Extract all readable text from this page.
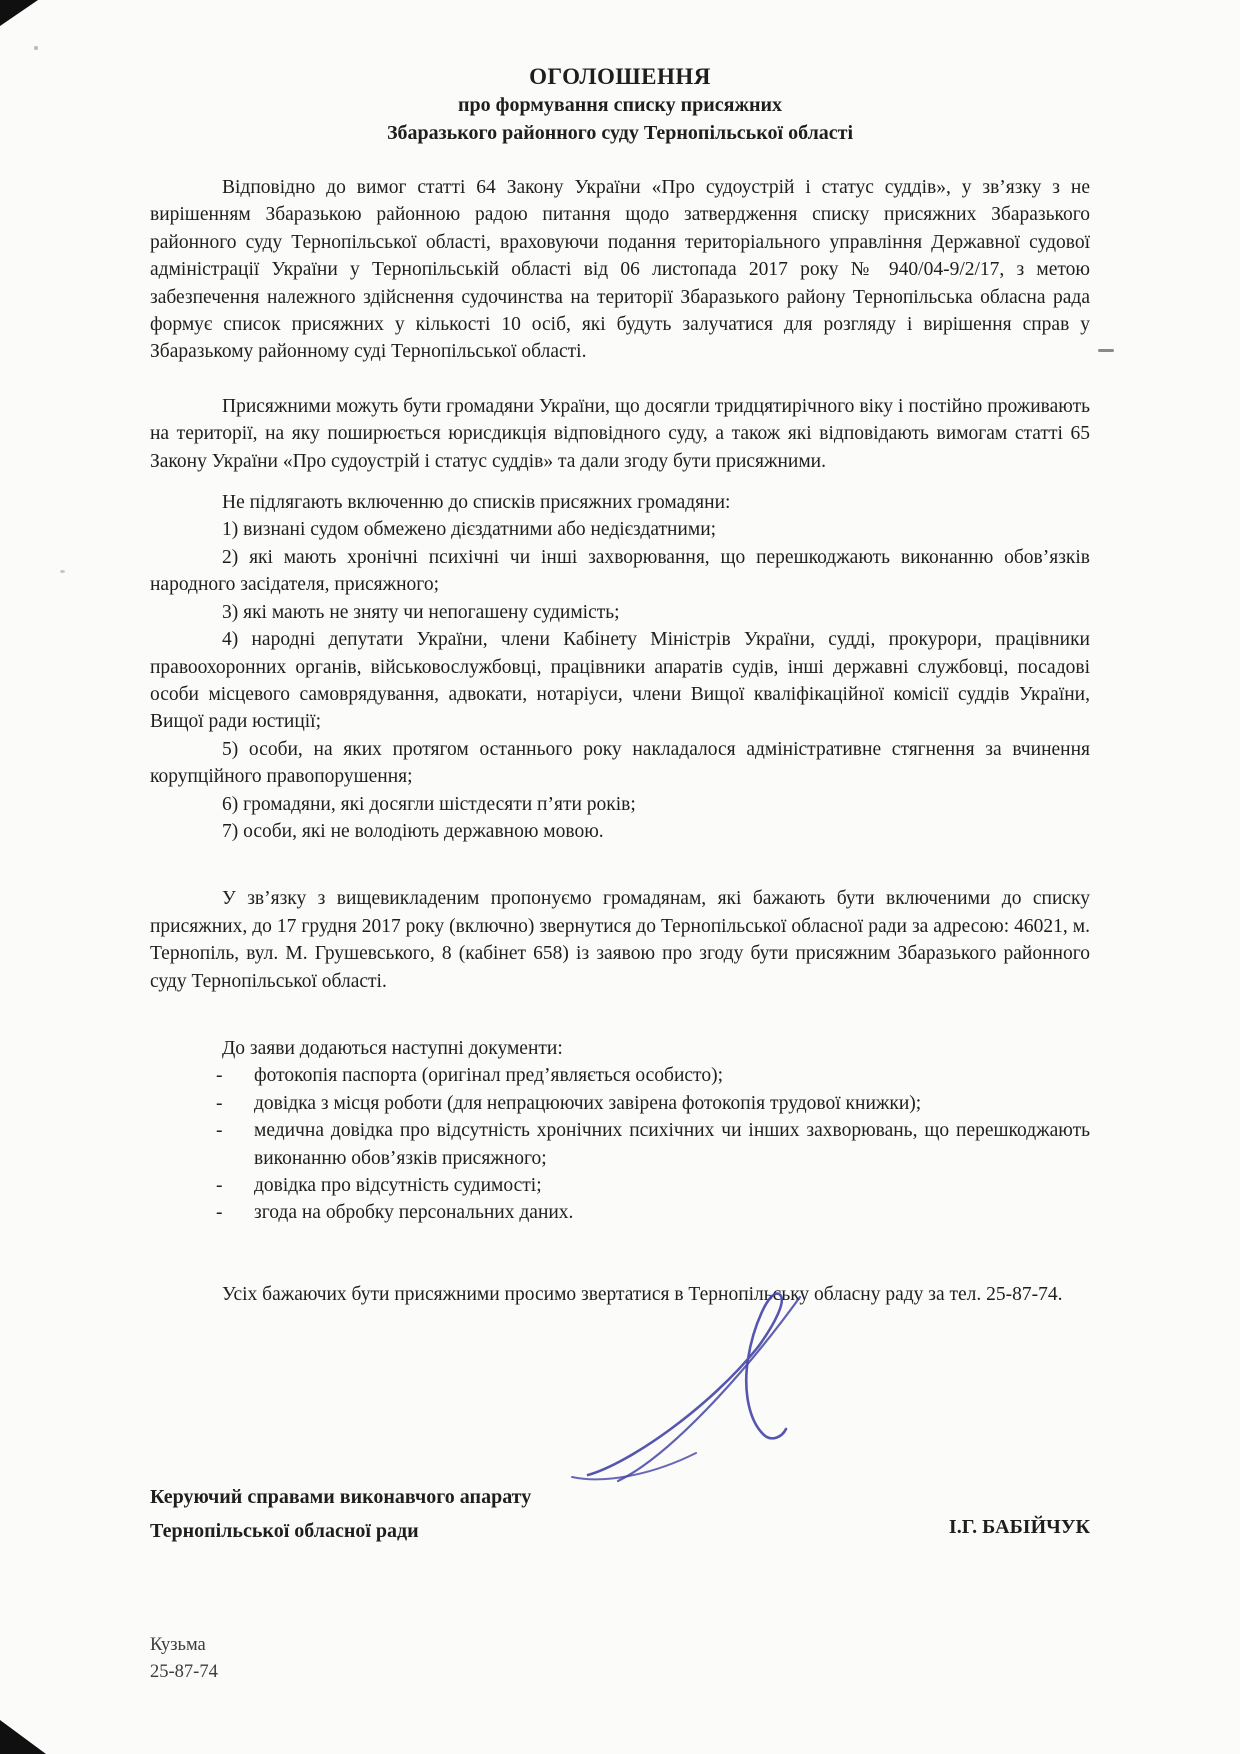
ОГОЛОШЕННЯ
про формування списку присяжних
Збаразького районного суду Тернопільської області

Відповідно до вимог статті 64 Закону України «Про судоустрій і статус суддів», у зв’язку з не вирішенням Збаразькою районною радою питання щодо затвердження списку присяжних Збаразького районного суду Тернопільської області, враховуючи подання територіального управління Державної судової адміністрації України у Тернопільській області від 06 листопада 2017 року № 940/04-9/2/17, з метою забезпечення належного здійснення судочинства на території Збаразького району Тернопільська обласна рада формує список присяжних у кількості 10 осіб, які будуть залучатися для розгляду і вирішення справ у Збаразькому районному суді Тернопільської області.

Присяжними можуть бути громадяни України, що досягли тридцятирічного віку і постійно проживають на території, на яку поширюється юрисдикція відповідного суду, а також які відповідають вимогам статті 65 Закону України «Про судоустрій і статус суддів» та дали згоду бути присяжними.

Не підлягають включенню до списків присяжних громадяни:

1) визнані судом обмежено дієздатними або недієздатними;

2) які мають хронічні психічні чи інші захворювання, що перешкоджають виконанню обов’язків народного засідателя, присяжного;

3) які мають не зняту чи непогашену судимість;

4) народні депутати України, члени Кабінету Міністрів України, судді, прокурори, працівники правоохоронних органів, військовослужбовці, працівники апаратів судів, інші державні службовці, посадові особи місцевого самоврядування, адвокати, нотаріуси, члени Вищої кваліфікаційної комісії суддів України, Вищої ради юстиції;

5) особи, на яких протягом останнього року накладалося адміністративне стягнення за вчинення корупційного правопорушення;

6) громадяни, які досягли шістдесяти п’яти років;

7) особи, які не володіють державною мовою.

У зв’язку з вищевикладеним пропонуємо громадянам, які бажають бути включеними до списку присяжних, до 17 грудня 2017 року (включно) звернутися до Тернопільської обласної ради за адресою: 46021, м. Тернопіль, вул. М. Грушевського, 8 (кабінет 658) із заявою про згоду бути присяжним Збаразького районного суду Тернопільської області.

До заяви додаються наступні документи:

- фотокопія паспорта (оригінал пред’являється особисто);

- довідка з місця роботи (для непрацюючих завірена фотокопія трудової книжки);

- медична довідка про відсутність хронічних психічних чи інших захворювань, що перешкоджають виконанню обов’язків присяжного;

- довідка про відсутність судимості;

- згода на обробку персональних даних.

Усіх бажаючих бути присяжними просимо звертатися в Тернопільську обласну раду за тел. 25-87-74.

Керуючий справами виконавчого апарату
Тернопільської обласної ради	І.Г. БАБІЙЧУК
Кузьма
25-87-74
